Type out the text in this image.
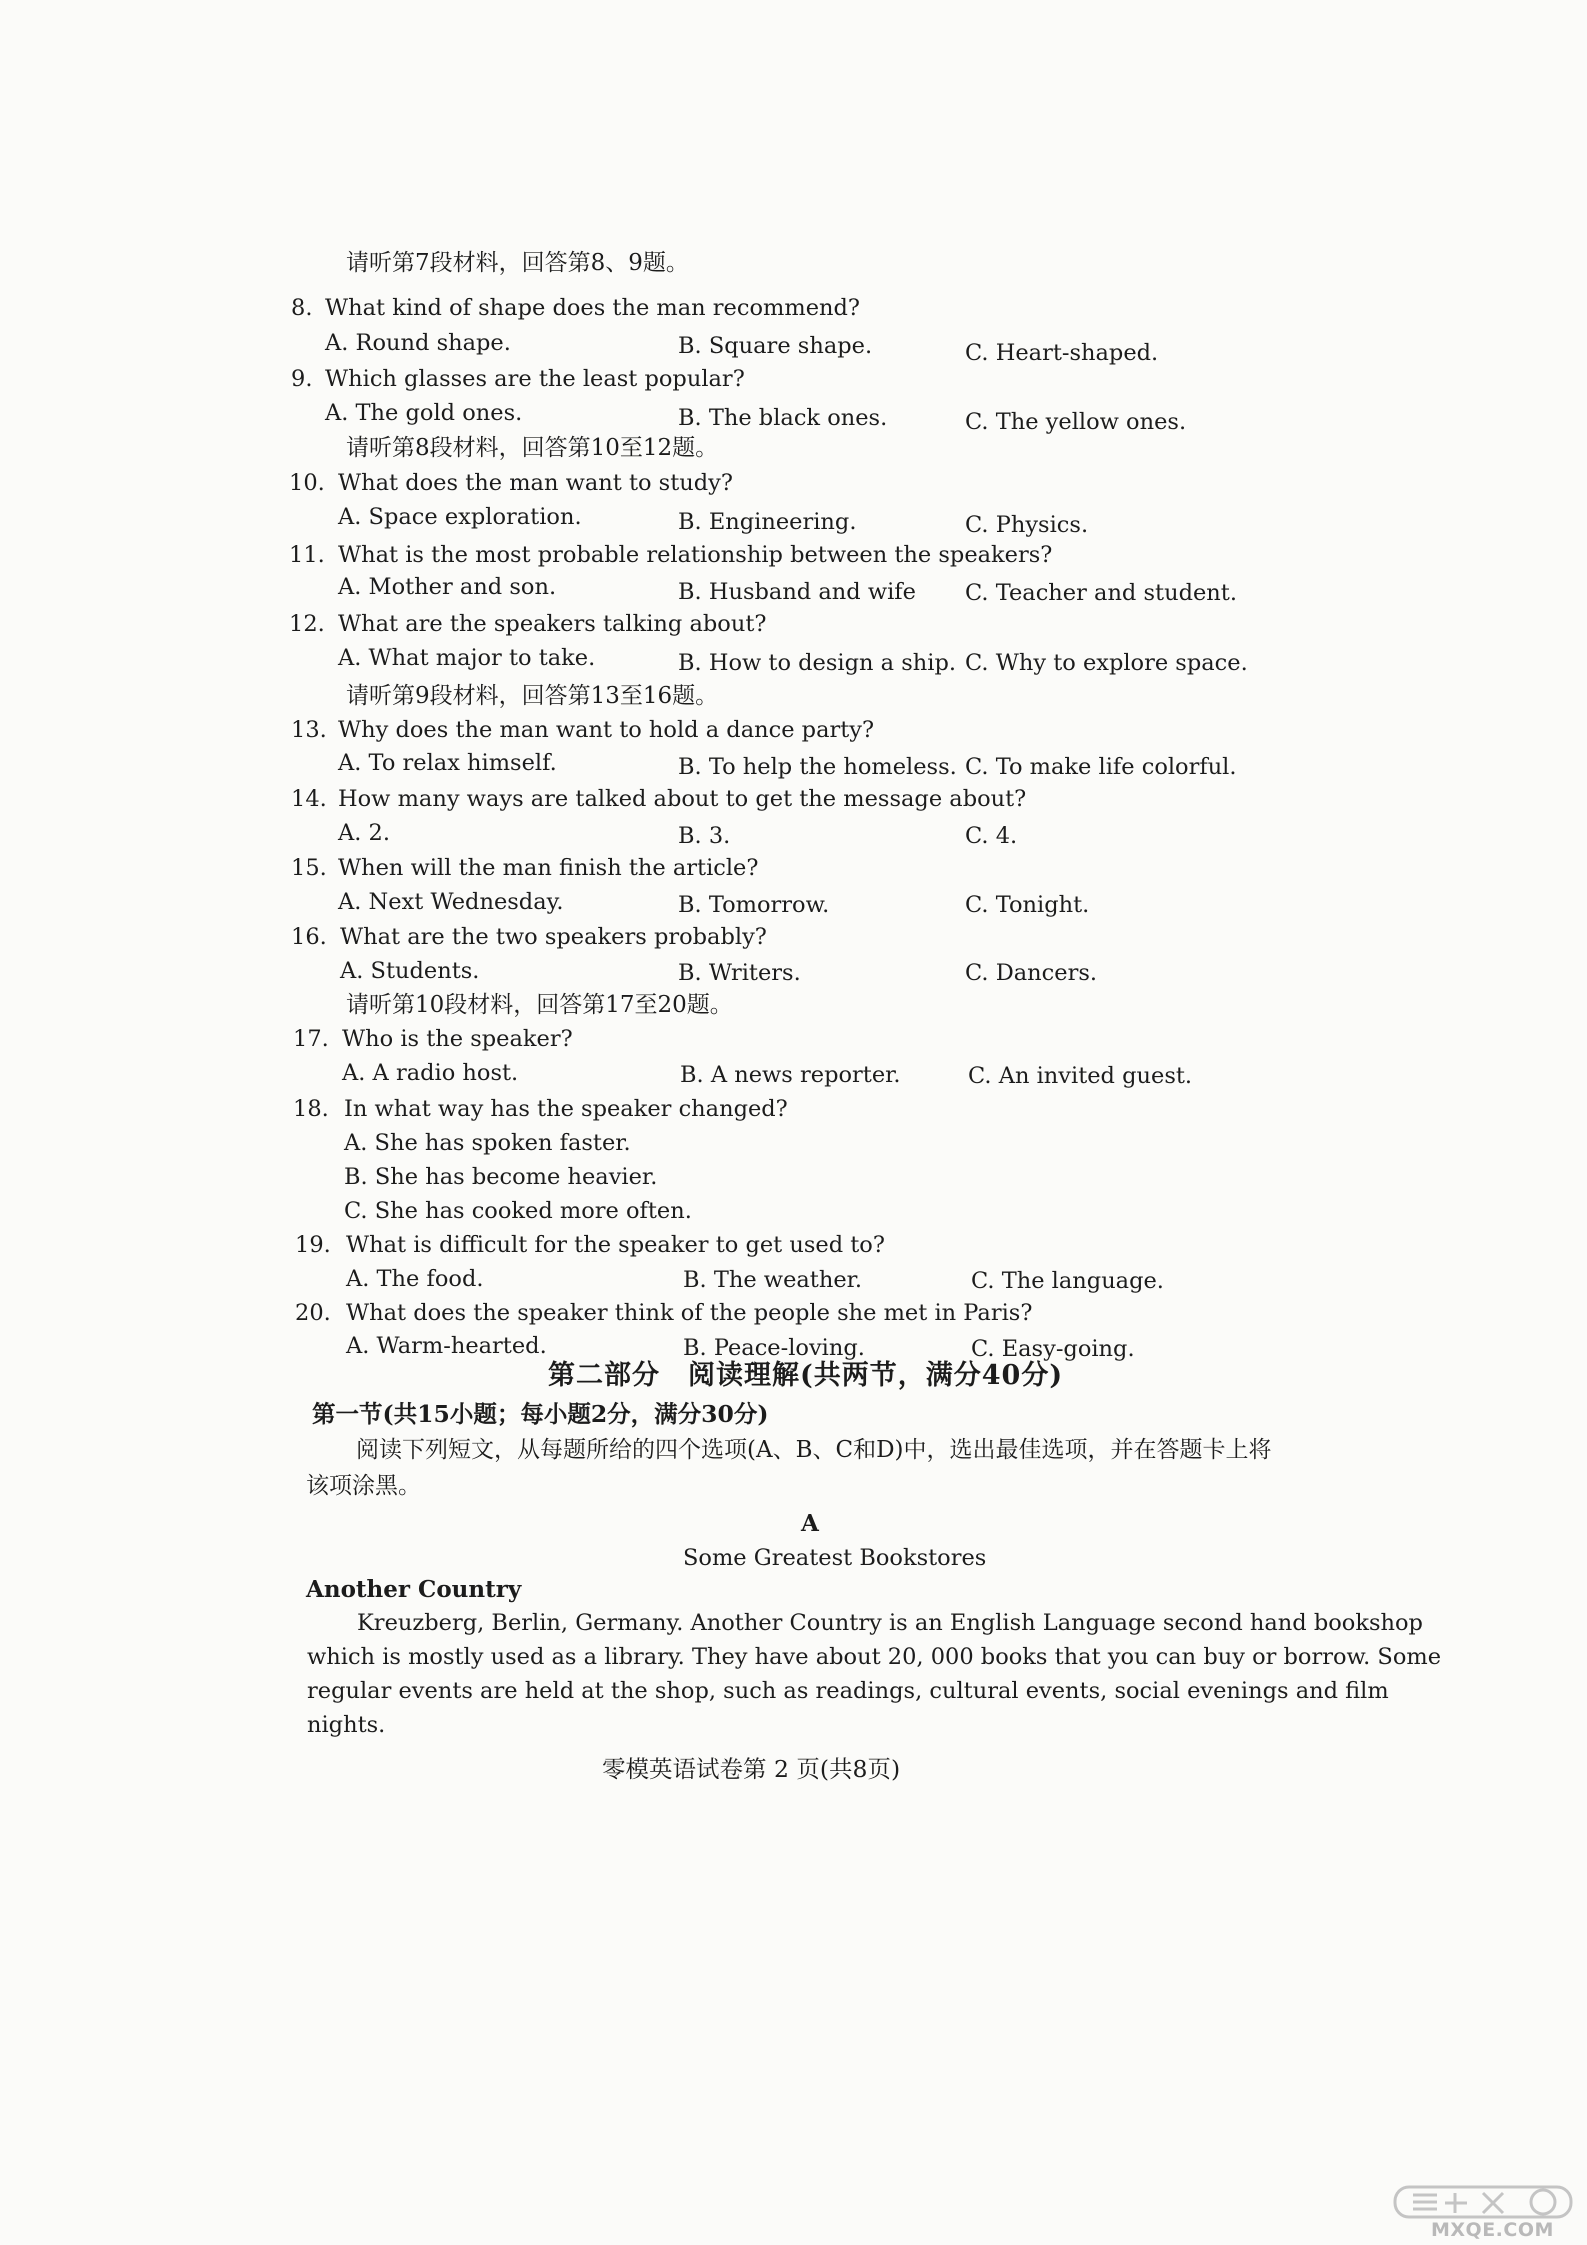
请听第7段材料，回答第8、9题。
8. What kind of shape does the man recommend?
A. Round shape.	B. Square shape.	C. Heart-shaped.
9. Which glasses are the least popular?
A. The gold ones.	B. The black ones.	C. The yellow ones.
请听第8段材料，回答第10至12题。
10. What does the man want to study?
A. Space exploration.	B. Engineering.	C. Physics.
11. What is the most probable relationship between the speakers?
A. Mother and son.	B. Husband and wife C. Teacher and student.
12. What are the speakers talking about?
A. What major to take.	B. How to design a ship. C. Why to explore space.
请听第9段材料，回答第13至16题。
13. Why does the man want to hold a dance party?
A. To relax himself.	B. To help the homeless. C. To make life colorful.
14. How many ways are talked about to get the message about?
A. 2.	B. 3.	C. 4.
15. When will the man finish the article?
A. Next Wednesday.	B. Tomorrow.	C. Tonight.
16. What are the two speakers probably?
A. Students.	B. Writers.	C. Dancers.
请听第10段材料，回答第17至20题。
17. Who is the speaker?
A. A radio host.	B. A news reporter.	C. An invited guest.
18. In what way has the speaker changed?
A. She has spoken faster.
B. She has become heavier.
C. She has cooked more often.
19. What is difficult for the speaker to get used to?
A. The food.	B. The weather.	C. The language.
20. What does the speaker think of the people she met in Paris?
A. Warm-hearted.	B. Peace-loving.	C. Easy-going.
第二部分　阅读理解(共两节，满分40分)
第一节(共15小题；每小题2分，满分30分)
阅读下列短文，从每题所给的四个选项(A、B、C和D)中，选出最佳选项，并在答题卡上将
该项涂黑。
A
Some Greatest Bookstores
Another Country
Kreuzberg, Berlin, Germany. Another Country is an English Language second hand bookshop
which is mostly used as a library. They have about 20, 000 books that you can buy or borrow. Some
regular events are held at the shop, such as readings, cultural events, social evenings and film
nights.
零模英语试卷第 2 页(共8页)
MXQE.COM
